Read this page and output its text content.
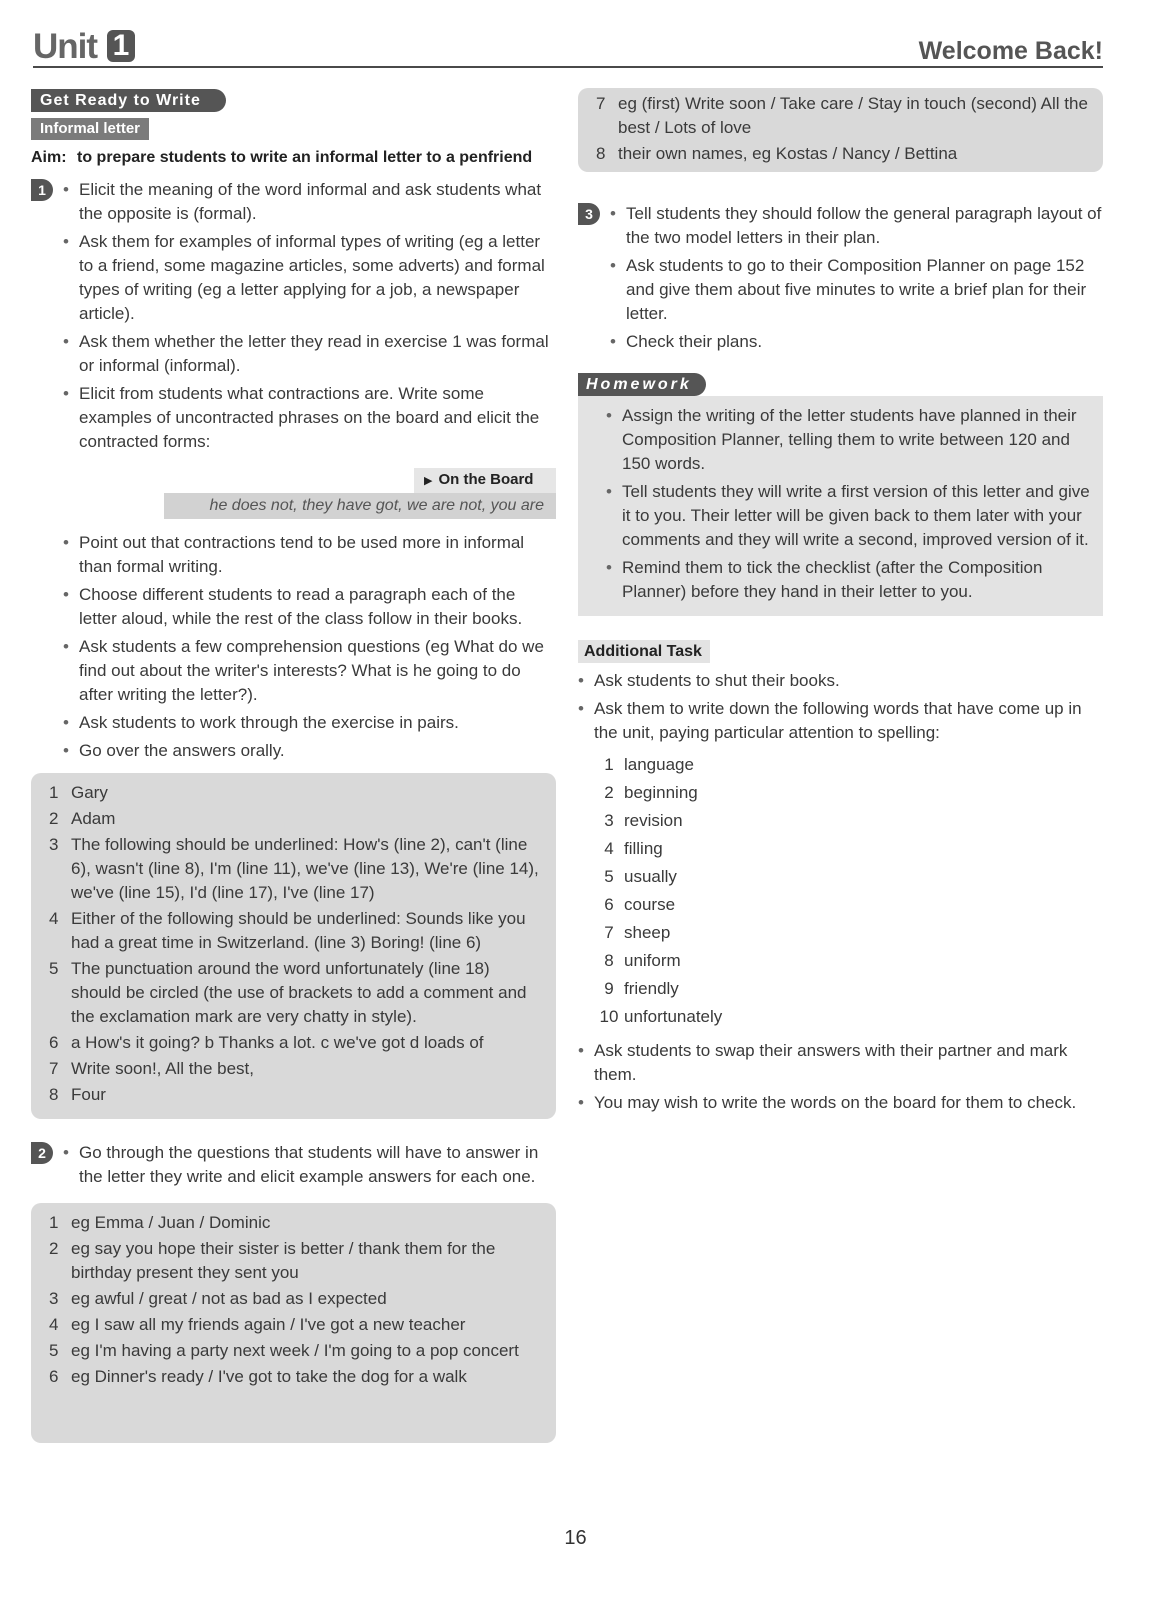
Unit 1	Welcome Back!
Get Ready to Write
Informal letter
Aim: to prepare students to write an informal letter to a penfriend
1	• Elicit the meaning of the word informal and ask students what the opposite is (formal).
• Ask them for examples of informal types of writing (eg a letter to a friend, some magazine articles, some adverts) and formal types of writing (eg a letter applying for a job, a newspaper article).
• Ask them whether the letter they read in exercise 1 was formal or informal (informal).
• Elicit from students what contractions are. Write some examples of uncontracted phrases on the board and elicit the contracted forms:
▶ On the Board
he does not, they have got, we are not, you are
• Point out that contractions tend to be used more in informal than formal writing.
• Choose different students to read a paragraph each of the letter aloud, while the rest of the class follow in their books.
• Ask students a few comprehension questions (eg What do we find out about the writer's interests? What is he going to do after writing the letter?).
• Ask students to work through the exercise in pairs.
• Go over the answers orally.
1 Gary
2 Adam
3 The following should be underlined: How's (line 2), can't (line 6), wasn't (line 8), I'm (line 11), we've (line 13), We're (line 14), we've (line 15), I'd (line 17), I've (line 17)
4 Either of the following should be underlined: Sounds like you had a great time in Switzerland. (line 3) Boring! (line 6)
5 The punctuation around the word unfortunately (line 18) should be circled (the use of brackets to add a comment and the exclamation mark are very chatty in style).
6 a How's it going? b Thanks a lot. c we've got d loads of
7 Write soon!, All the best,
8 Four
2	• Go through the questions that students will have to answer in the letter they write and elicit example answers for each one.
1 eg Emma / Juan / Dominic
2 eg say you hope their sister is better / thank them for the birthday present they sent you
3 eg awful / great / not as bad as I expected
4 eg I saw all my friends again / I've got a new teacher
5 eg I'm having a party next week / I'm going to a pop concert
6 eg Dinner's ready / I've got to take the dog for a walk
7 eg (first) Write soon / Take care / Stay in touch (second) All the best / Lots of love
8 their own names, eg Kostas / Nancy / Bettina
3	• Tell students they should follow the general paragraph layout of the two model letters in their plan.
• Ask students to go to their Composition Planner on page 152 and give them about five minutes to write a brief plan for their letter.
• Check their plans.
Homework
• Assign the writing of the letter students have planned in their Composition Planner, telling them to write between 120 and 150 words.
• Tell students they will write a first version of this letter and give it to you. Their letter will be given back to them later with your comments and they will write a second, improved version of it.
• Remind them to tick the checklist (after the Composition Planner) before they hand in their letter to you.
Additional Task
• Ask students to shut their books.
• Ask them to write down the following words that have come up in the unit, paying particular attention to spelling:
1 language
2 beginning
3 revision
4 filling
5 usually
6 course
7 sheep
8 uniform
9 friendly
10 unfortunately
• Ask students to swap their answers with their partner and mark them.
• You may wish to write the words on the board for them to check.
16
